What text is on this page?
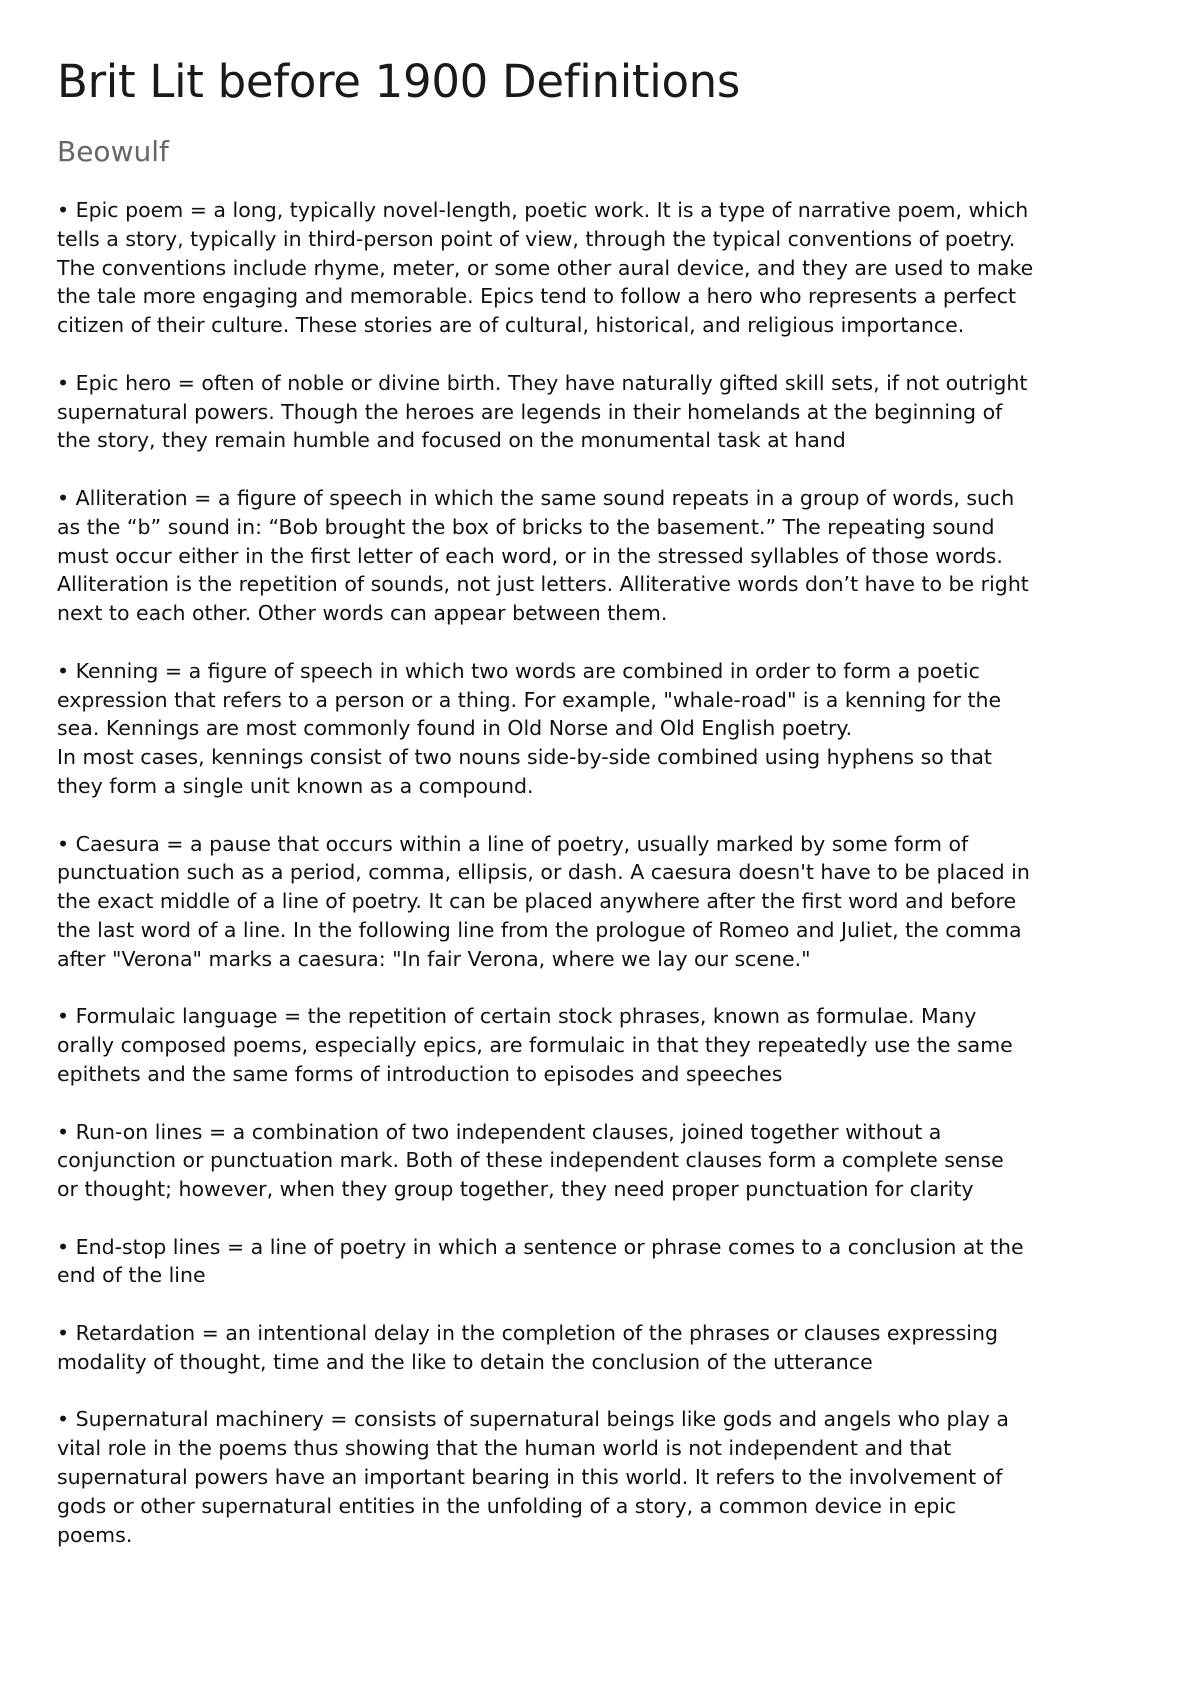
Brit Lit before 1900 Definitions
Beowulf
• Epic poem = a long, typically novel-length, poetic work. It is a type of narrative poem, which
tells a story, typically in third-person point of view, through the typical conventions of poetry.
The conventions include rhyme, meter, or some other aural device, and they are used to make
the tale more engaging and memorable. Epics tend to follow a hero who represents a perfect
citizen of their culture. These stories are of cultural, historical, and religious importance.
• Epic hero = often of noble or divine birth. They have naturally gifted skill sets, if not outright
supernatural powers. Though the heroes are legends in their homelands at the beginning of
the story, they remain humble and focused on the monumental task at hand
• Alliteration = a figure of speech in which the same sound repeats in a group of words, such
as the “b” sound in: “Bob brought the box of bricks to the basement.” The repeating sound
must occur either in the first letter of each word, or in the stressed syllables of those words.
Alliteration is the repetition of sounds, not just letters. Alliterative words don’t have to be right
next to each other. Other words can appear between them.
• Kenning = a figure of speech in which two words are combined in order to form a poetic
expression that refers to a person or a thing. For example, "whale-road" is a kenning for the
sea. Kennings are most commonly found in Old Norse and Old English poetry.
In most cases, kennings consist of two nouns side-by-side combined using hyphens so that
they form a single unit known as a compound.
• Caesura = a pause that occurs within a line of poetry, usually marked by some form of
punctuation such as a period, comma, ellipsis, or dash. A caesura doesn't have to be placed in
the exact middle of a line of poetry. It can be placed anywhere after the first word and before
the last word of a line. In the following line from the prologue of Romeo and Juliet, the comma
after "Verona" marks a caesura: "In fair Verona, where we lay our scene."
• Formulaic language = the repetition of certain stock phrases, known as formulae. Many
orally composed poems, especially epics, are formulaic in that they repeatedly use the same
epithets and the same forms of introduction to episodes and speeches
• Run-on lines = a combination of two independent clauses, joined together without a
conjunction or punctuation mark. Both of these independent clauses form a complete sense
or thought; however, when they group together, they need proper punctuation for clarity
• End-stop lines = a line of poetry in which a sentence or phrase comes to a conclusion at the
end of the line
• Retardation = an intentional delay in the completion of the phrases or clauses expressing
modality of thought, time and the like to detain the conclusion of the utterance
• Supernatural machinery = consists of supernatural beings like gods and angels who play a
vital role in the poems thus showing that the human world is not independent and that
supernatural powers have an important bearing in this world. It refers to the involvement of
gods or other supernatural entities in the unfolding of a story, a common device in epic
poems.
